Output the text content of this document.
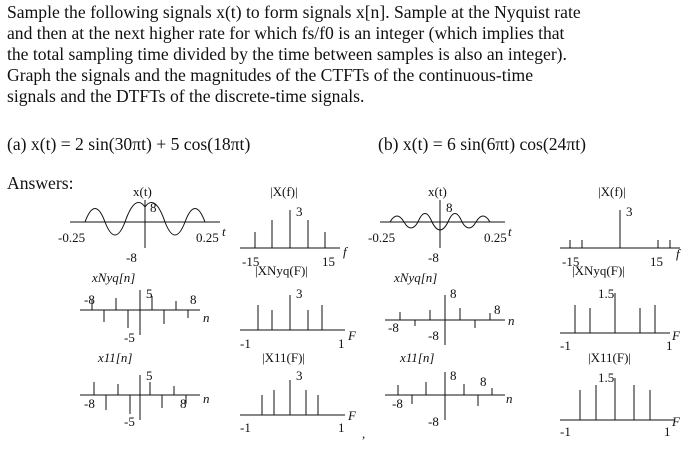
Sample the following signals x(t) to form signals x[n]. Sample at the Nyquist rate

and then at the next higher rate for which fs/f0 is an integer (which implies that

the total sampling time divided by the time between samples is also an integer).

Graph the signals and the magnitudes of the CTFTs of the continuous-time

signals and the DTFTs of the discrete-time signals.

(a) x(t) = 2 sin(30πt) + 5 cos(18πt)	(b) x(t) = 6 sin(6πt) cos(24πt)
Answers:	x(t)
8
-8
-0.25	0.25 t
|X(f)|
3
-15	15
f
xNyq[n]
5
-5
-8	8
n
|XNyq(F)|
3
-1	1
F
x11[n]
5
-5
-8	8 n
|X11(F)|
3
-1	1
F
,
x(t)
8
-8
-0.25	0.25 t
|X(f)|
3
-15	15
f
xNyq[n]
8
-8
-8
8
n
|XNyq(F)|
1.5
-1	1
F
x11[n]
8
-8
-8
8
n
|X11(F)|
1.5
-1	1
F
